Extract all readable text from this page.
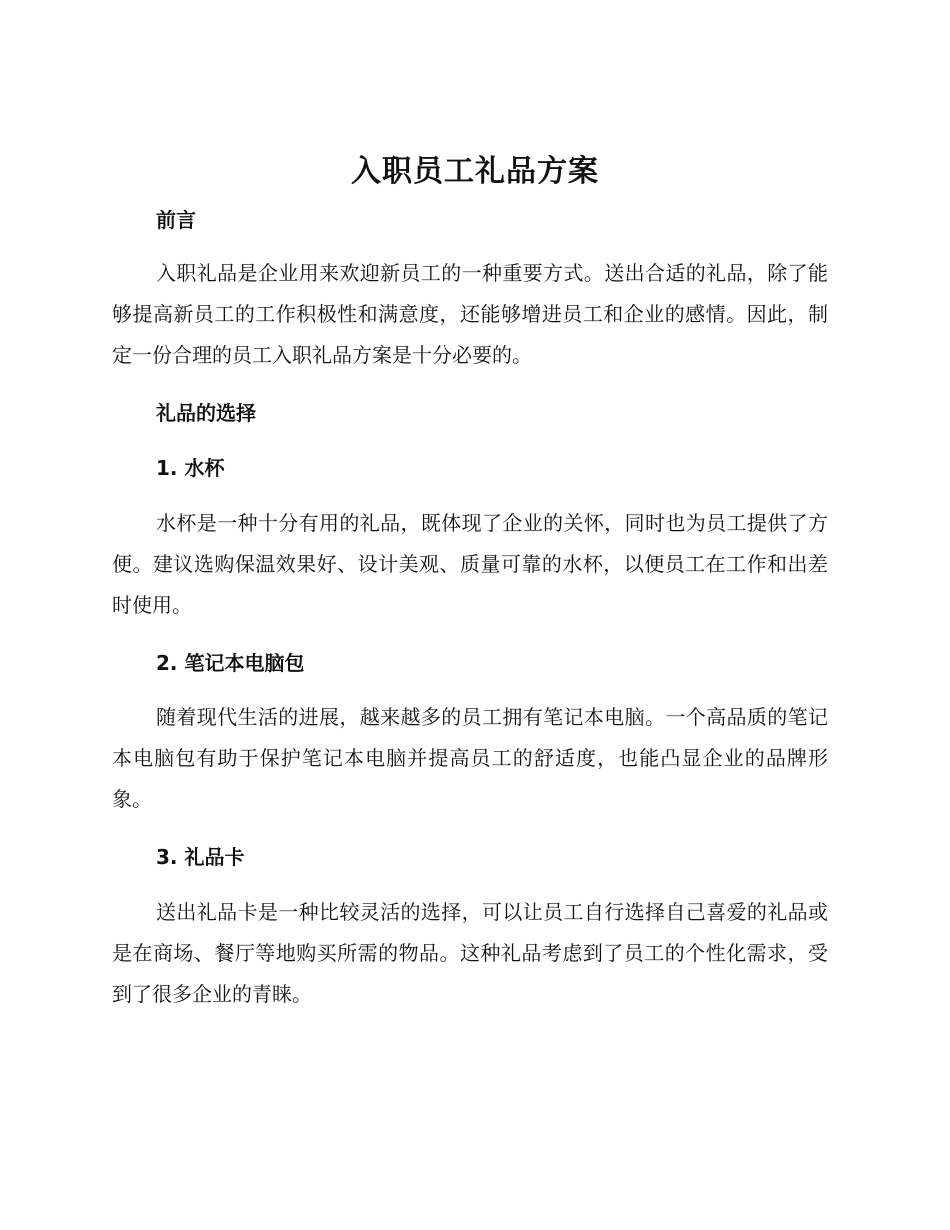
入职员工礼品方案
前言

入职礼品是企业用来欢迎新员工的一种重要方式。送出合适的礼品，除了能够提高新员工的工作积极性和满意度，还能够增进员工和企业的感情。因此，制定一份合理的员工入职礼品方案是十分必要的。

礼品的选择
1. 水杯

水杯是一种十分有用的礼品，既体现了企业的关怀，同时也为员工提供了方便。建议选购保温效果好、设计美观、质量可靠的水杯，以便员工在工作和出差时使用。

2. 笔记本电脑包

随着现代生活的进展，越来越多的员工拥有笔记本电脑。一个高品质的笔记本电脑包有助于保护笔记本电脑并提高员工的舒适度，也能凸显企业的品牌形象。

3. 礼品卡

送出礼品卡是一种比较灵活的选择，可以让员工自行选择自己喜爱的礼品或是在商场、餐厅等地购买所需的物品。这种礼品考虑到了员工的个性化需求，受到了很多企业的青睐。
